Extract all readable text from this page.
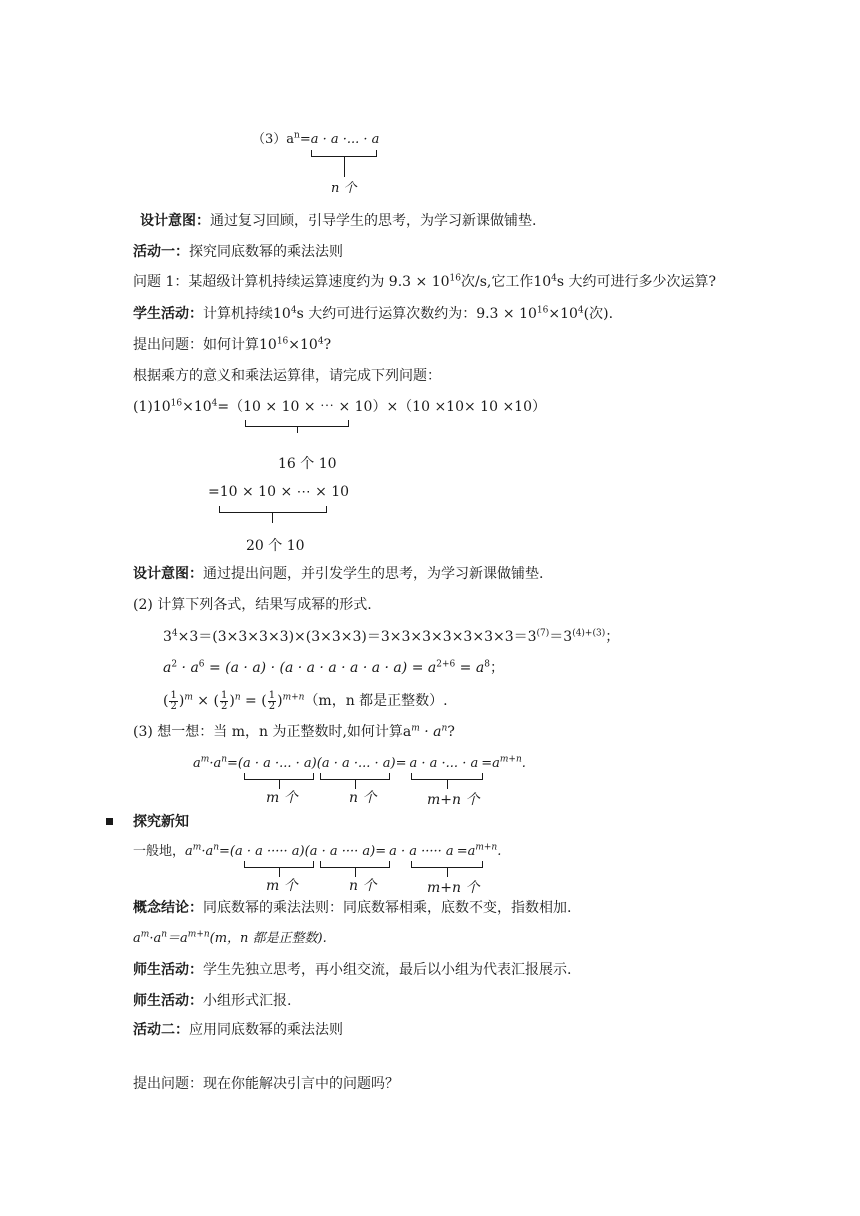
$(3)a^n=a \cdot a$ ·... · a
n 个
设计意图：通过复习回顾，引导学生的思考，为学习新课做铺垫.
活动一：探究同底数幂的乘法法则
问题 1：某超级计算机持续运算速度约为 $9.3 \times 10^{16}$次/s,它工作$10^4s$ 大约可进行多少次运算?
学生活动：计算机持续$10^4s$ 大约可进行运算次数约为：$9.3 \times 10^{16}\times 10^4$(次).
提出问题：如何计算$10^{16}\times 10^4$?
根据乘方的意义和乘法运算律，请完成下列问题：
$(1)10^{16}\times 10^4=(10 \times 10$ × ⋯ × 10）×（10 ×10× 10 ×10）
16 个 10
=10 × 10 × ⋯ × 10
20 个 10
设计意图：通过提出问题，并引发学生的思考，为学习新课做铺垫.
(2) 计算下列各式，结果写成幂的形式.
$3^4\times 3=(3\times 3\times 3\times 3)\times(3\times 3\times 3)=3\times 3\times 3\times 3\times 3\times 3\times 3=3^{(7)}=3^{(4)+(3)}$；
$a^2 \cdot a^6 = (a \cdot a) \cdot (a \cdot a \cdot a \cdot a \cdot a \cdot a) = a^{2+6} = a^8$；
( $\frac{1}{2} )^m$ × ( $\frac{1}{2} )^n$ = ( $\frac{1}{2} )^{m+n}(m$，n 都是正整数）.
(3) 想一想：当 m，n 为正整数时,如何计算$a^m \cdot a^n$?
$a^m\cdot a^n=(a \cdot a$ ·... · a)(a · a ·... · a)= a · a ·... · $a =a^{m+n}$.
m 个	n 个	m+n 个
探究新知
一般地，$a^m\cdot a^n=(a \cdot a$ ····· a)(a · a ···· a)= a · a ····· $a =a^{m+n}$.
m 个	n 个	m+n 个
概念结论：同底数幂的乘法法则：同底数幂相乘，底数不变，指数相加.
$a^m\cdot a^n=a^{m+n}(m$，n 都是正整数).
师生活动：学生先独立思考，再小组交流，最后以小组为代表汇报展示.
师生活动：小组形式汇报.
活动二：应用同底数幂的乘法法则
提出问题：现在你能解决引言中的问题吗？
